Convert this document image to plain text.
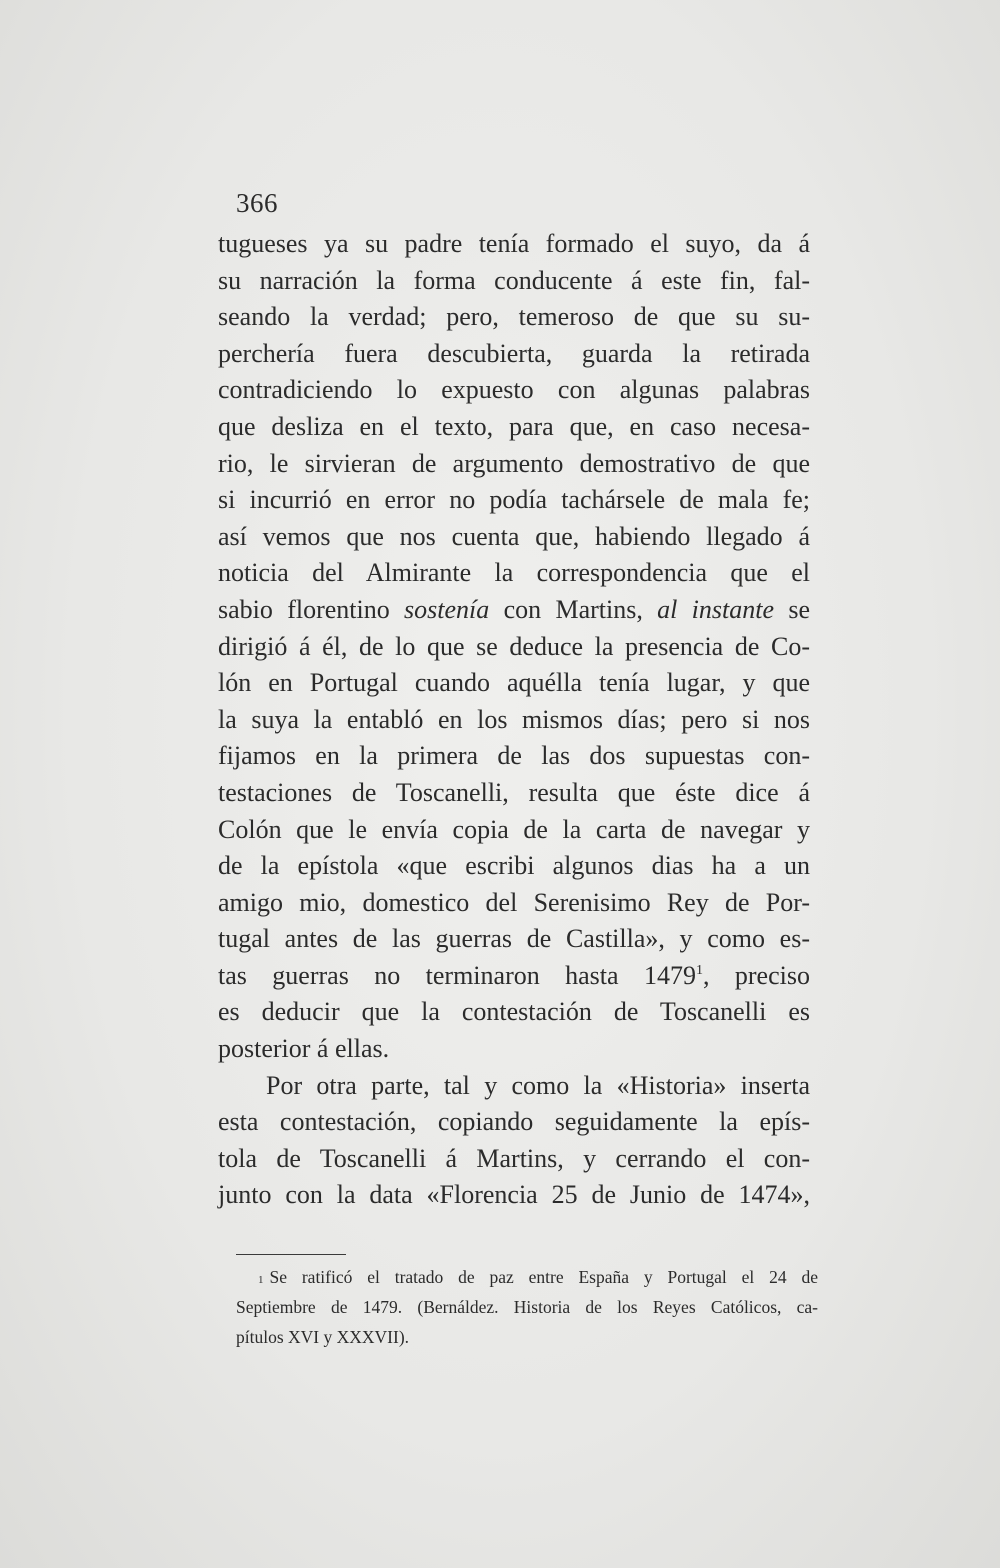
366
tugueses ya su padre tenía formado el suyo, da á
su narración la forma conducente á este fin, fal-
seando la verdad; pero, temeroso de que su su-
perchería fuera descubierta, guarda la retirada
contradiciendo lo expuesto con algunas palabras
que desliza en el texto, para que, en caso necesa-
rio, le sirvieran de argumento demostrativo de que
si incurrió en error no podía tachársele de mala fe;
así vemos que nos cuenta que, habiendo llegado á
noticia del Almirante la correspondencia que el
sabio florentino sostenía con Martins, al instante se
dirigió á él, de lo que se deduce la presencia de Co-
lón en Portugal cuando aquélla tenía lugar, y que
la suya la entabló en los mismos días; pero si nos
fijamos en la primera de las dos supuestas con-
testaciones de Toscanelli, resulta que éste dice á
Colón que le envía copia de la carta de navegar y
de la epístola «que escribi algunos dias ha a un
amigo mio, domestico del Serenisimo Rey de Por-
tugal antes de las guerras de Castilla», y como es-
tas guerras no terminaron hasta 1479$^1$, preciso
es deducir que la contestación de Toscanelli es
posterior á ellas.
Por otra parte, tal y como la «Historia» inserta
esta contestación, copiando seguidamente la epís-
tola de Toscanelli á Martins, y cerrando el con-
junto con la data «Florencia 25 de Junio de 1474»,
1 Se ratificó el tratado de paz entre España y Portugal el 24 de
Septiembre de 1479. (Bernáldez. Historia de los Reyes Católicos, ca-
pítulos XVI y XXXVII).
